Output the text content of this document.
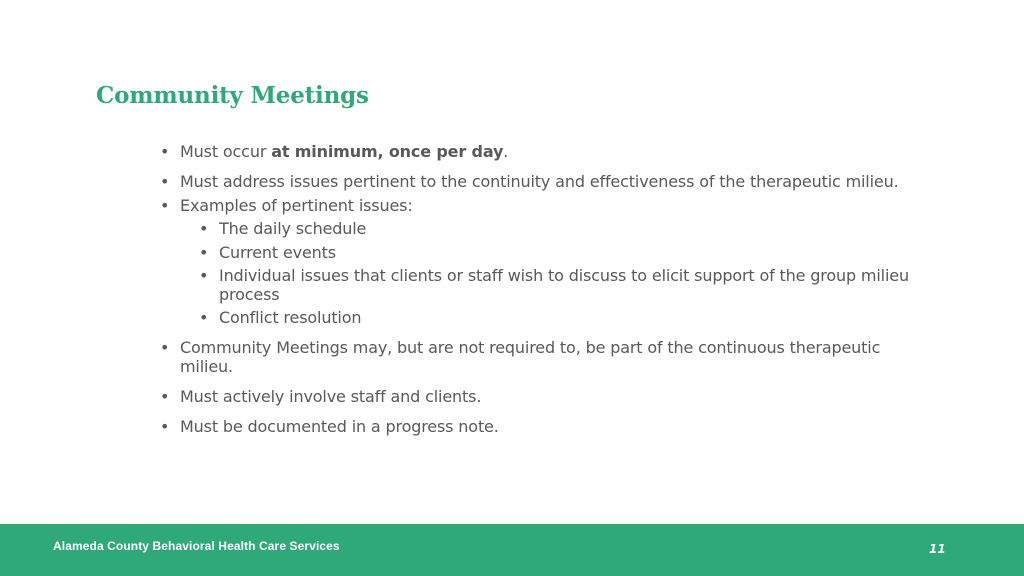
Community Meetings
• Must occur at minimum, once per day.
• Must address issues pertinent to the continuity and effectiveness of the therapeutic milieu.
• Examples of pertinent issues:
• The daily schedule
• Current events
• Individual issues that clients or staff wish to discuss to elicit support of the group milieu process
• Conflict resolution
• Community Meetings may, but are not required to, be part of the continuous therapeutic milieu.
• Must actively involve staff and clients.
• Must be documented in a progress note.
Alameda County Behavioral Health Care Services	11
